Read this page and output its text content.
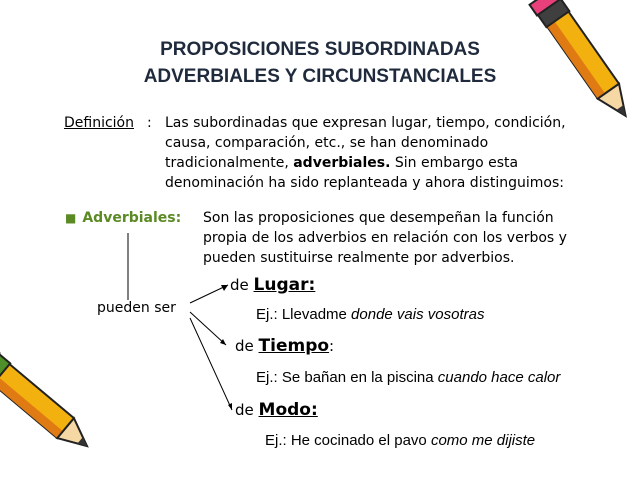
PROPOSICIONES SUBORDINADAS
ADVERBIALES Y CIRCUNSTANCIALES
Definición : Las subordinadas que expresan lugar, tiempo, condición,
causa, comparación, etc., se han denominado
tradicionalmente, adverbiales. Sin embargo esta
denominación ha sido replanteada y ahora distinguimos:
■ Adverbiales: Son las proposiciones que desempeñan la función
propia de los adverbios en relación con los verbos y
pueden sustituirse realmente por adverbios.
pueden ser
de Lugar:
Ej.: Llevadme donde vais vosotras
de Tiempo:
Ej.: Se bañan en la piscina cuando hace calor
de Modo:
Ej.: He cocinado el pavo como me dijiste
